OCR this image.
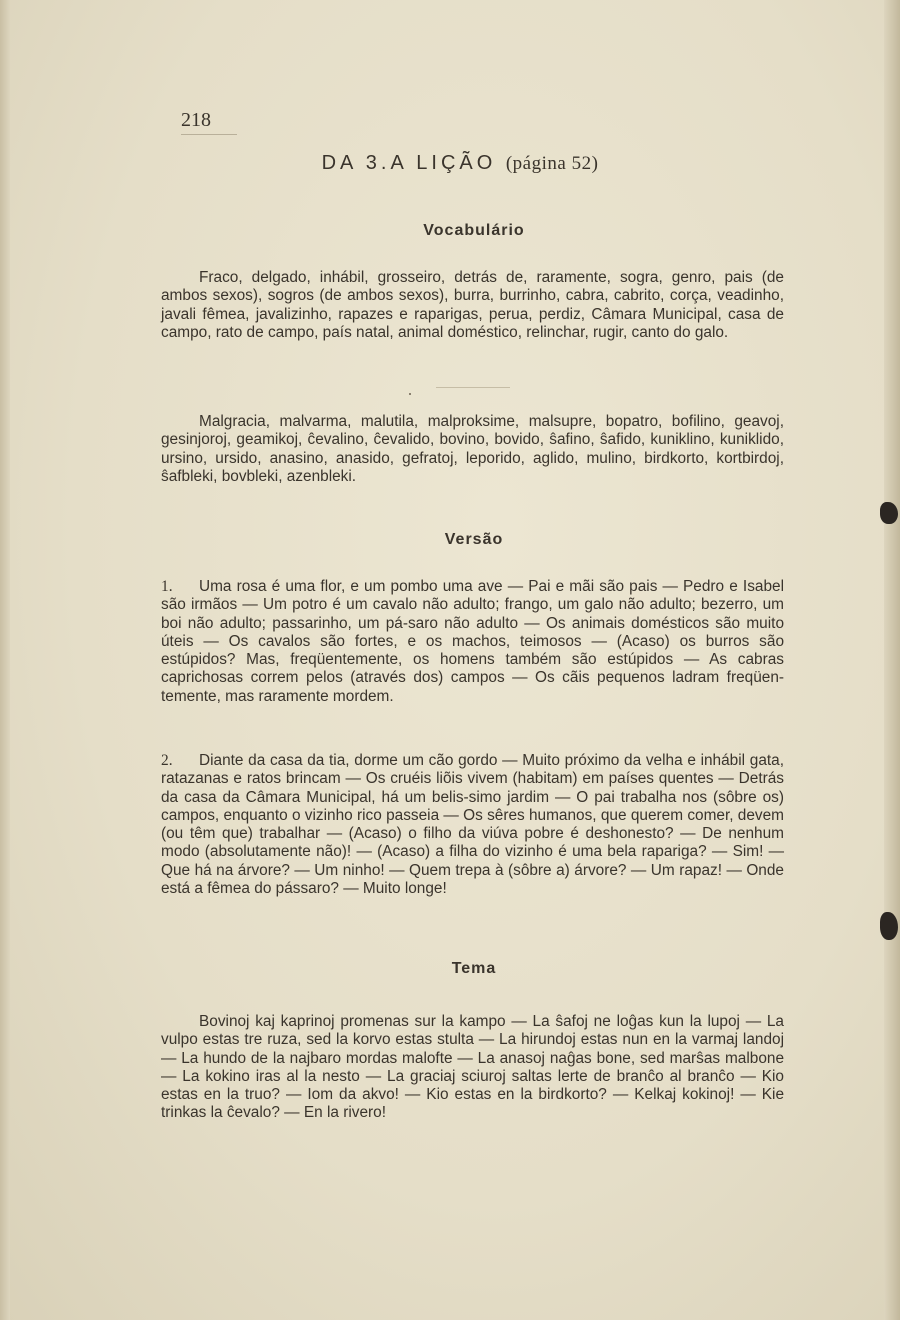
218
DA 3.A LIÇÃO (página 52)
Vocabulário

Fraco, delgado, inhábil, grosseiro, detrás de, raramente, sogra, genro, pais (de ambos sexos), sogros (de ambos sexos), burra, burrinho, cabra, cabrito, corça, veadinho, javali fêmea, javalizinho, rapazes e raparigas, perua, perdiz, Câmara Municipal, casa de campo, rato de campo, país natal, animal doméstico, relinchar, rugir, canto do galo.

Malgracia, malvarma, malutila, malproksime, malsupre, bopatro, bofilino, geavoj, gesinjoroj, geamikoj, ĉevalino, ĉevalido, bovino, bovido, ŝafino, ŝafido, kuniklino, kuniklido, ursino, ursido, anasino, anasido, gefratoj, leporido, aglido, mulino, birdkorto, kortbirdoj, ŝafbleki, bovbleki, azenbleki.

Versão
1.	Uma rosa é uma flor, e um pombo uma ave — Pai e mãi são pais — Pedro e Isabel são irmãos — Um potro é um cavalo não adulto; frango, um galo não adulto; bezerro, um boi não adulto; passarinho, um pá-saro não adulto — Os animais domésticos são muito úteis — Os cavalos são fortes, e os machos, teimosos — (Acaso) os burros são estúpidos? Mas, freqüentemente, os homens também são estúpidos — As cabras caprichosas correm pelos (através dos) campos — Os cãis pequenos ladram freqüen-temente, mas raramente mordem.
2.	Diante da casa da tia, dorme um cão gordo — Muito próximo da velha e inhábil gata, ratazanas e ratos brincam — Os cruéis liõis vivem (habitam) em países quentes — Detrás da casa da Câmara Municipal, há um belis-simo jardim — O pai trabalha nos (sôbre os) campos, enquanto o vizinho rico passeia — Os sêres humanos, que querem comer, devem (ou têm que) trabalhar — (Acaso) o filho da viúva pobre é deshonesto? — De nenhum modo (absolutamente não)! — (Acaso) a filha do vizinho é uma bela rapariga? — Sim! — Que há na árvore? — Um ninho! — Quem trepa à (sôbre a) árvore? — Um rapaz! — Onde está a fêmea do pássaro? — Muito longe!
Tema

Bovinoj kaj kaprinoj promenas sur la kampo — La ŝafoj ne loĝas kun la lupoj — La vulpo estas tre ruza, sed la korvo estas stulta — La hirundoj estas nun en la varmaj landoj — La hundo de la najbaro mordas malofte — La anasoj naĝas bone, sed marŝas malbone — La kokino iras al la nesto — La graciaj sciuroj saltas lerte de branĉo al branĉo — Kio estas en la truo? — Iom da akvo! — Kio estas en la birdkorto? — Kelkaj kokinoj! — Kie trinkas la ĉevalo? — En la rivero!
